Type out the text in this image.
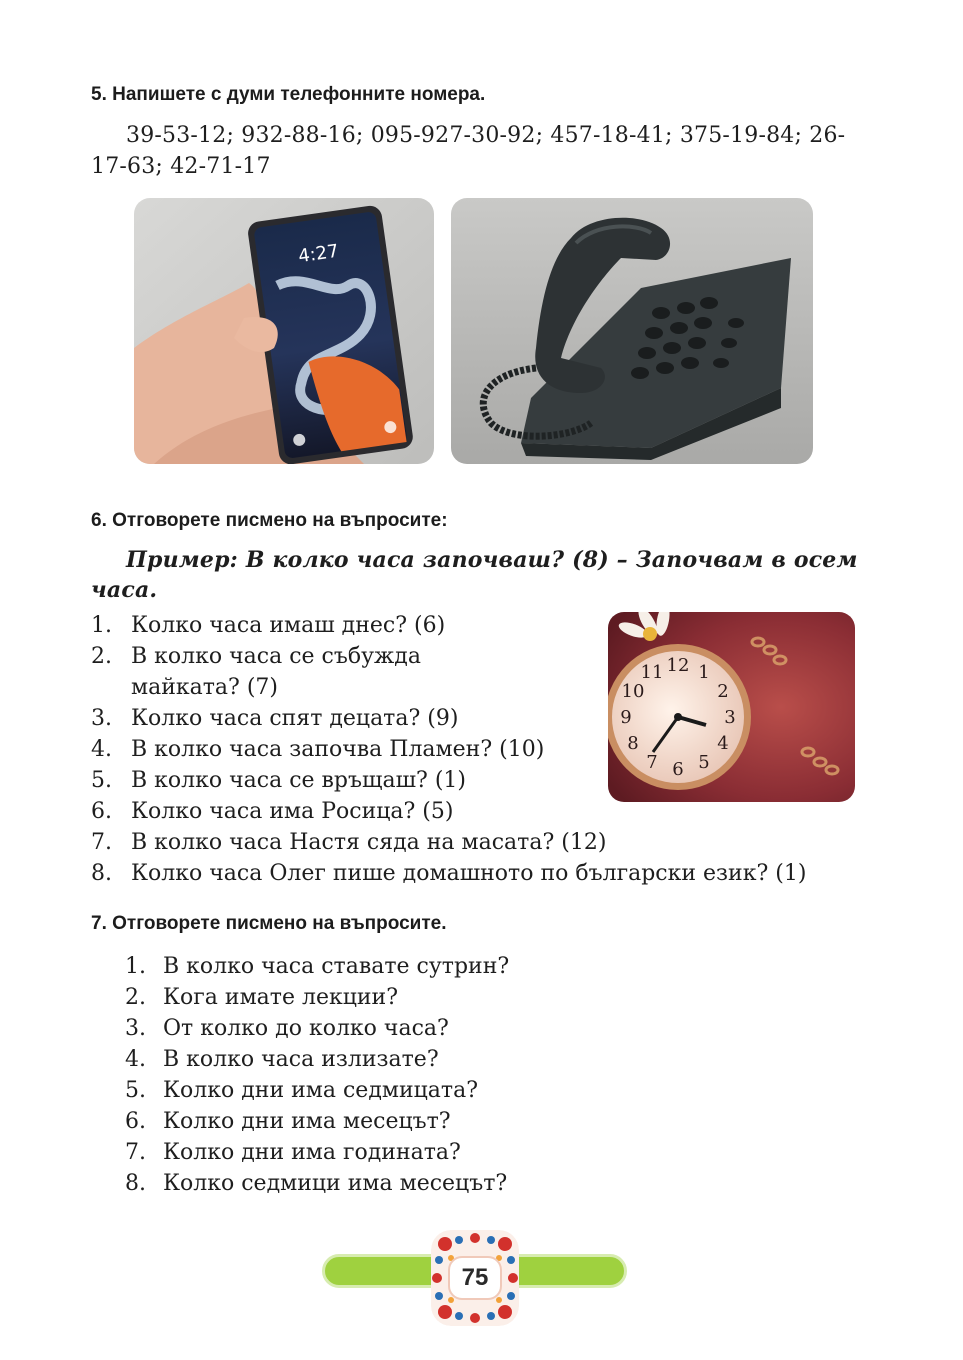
5. Напишете с думи телефонните номера.
39-53-12; 932-88-16; 095-927-30-92; 457-18-41; 375-19-84; 26-17-63; 42-71-17
4:27
6. Отговорете писмено на въпросите:
Пример: В колко часа започваш? (8) – Започвам в осем часа.
1. Колко часа имаш днес? (6)
2. В колко часа се събужда
майката? (7)
3. Колко часа спят децата? (9)
4. В колко часа започва Пламен? (10)
5. В колко часа се връщаш? (1)
6. Колко часа има Росица? (5)
7. В колко часа Настя сяда на масата? (12)
8. Колко часа Олег пише домашното по български език? (1)
12 1
2
3
4
5
6
7
8
9
10
11
7. Отговорете писмено на въпросите.
1. В колко часа ставате сутрин?
2. Кога имате лекции?
3. От колко до колко часа?
4. В колко часа излизате?
5. Колко дни има седмицата?
6. Колко дни има месецът?
7. Колко дни има годината?
8. Колко седмици има месецът?
75
